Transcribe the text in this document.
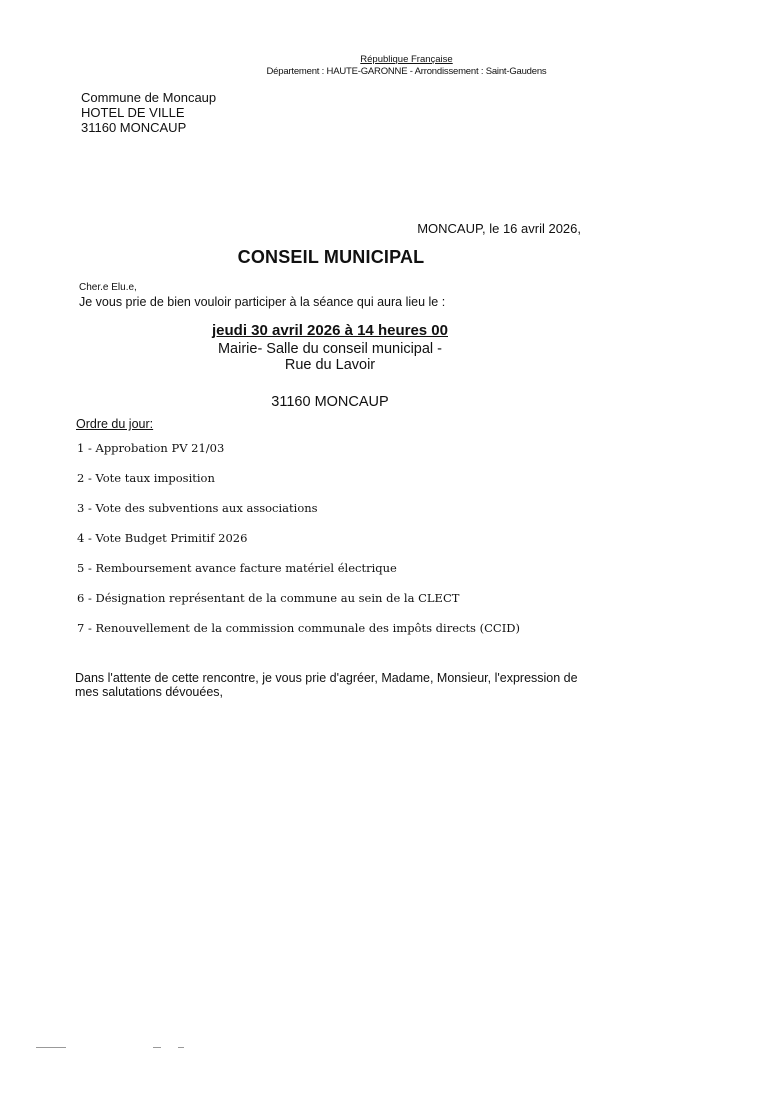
République Française
Département : HAUTE-GARONNE - Arrondissement : Saint-Gaudens
Commune de Moncaup
HOTEL DE VILLE
31160 MONCAUP
MONCAUP, le 16 avril 2026,
CONSEIL MUNICIPAL
Cher.e Elu.e,
Je vous prie de bien vouloir participer à la séance qui aura lieu le :
jeudi 30 avril 2026 à 14 heures 00
Mairie- Salle du conseil municipal -
Rue du Lavoir
31160 MONCAUP
Ordre du jour:
1 - Approbation PV 21/03
2 - Vote taux imposition
3 - Vote des subventions aux associations
4 - Vote Budget Primitif 2026
5 - Remboursement avance facture matériel électrique
6 - Désignation représentant de la commune au sein de la CLECT
7 - Renouvellement de la commission communale des impôts directs (CCID)
Dans l'attente de cette rencontre, je vous prie d'agréer, Madame, Monsieur, l'expression de mes salutations dévouées,
